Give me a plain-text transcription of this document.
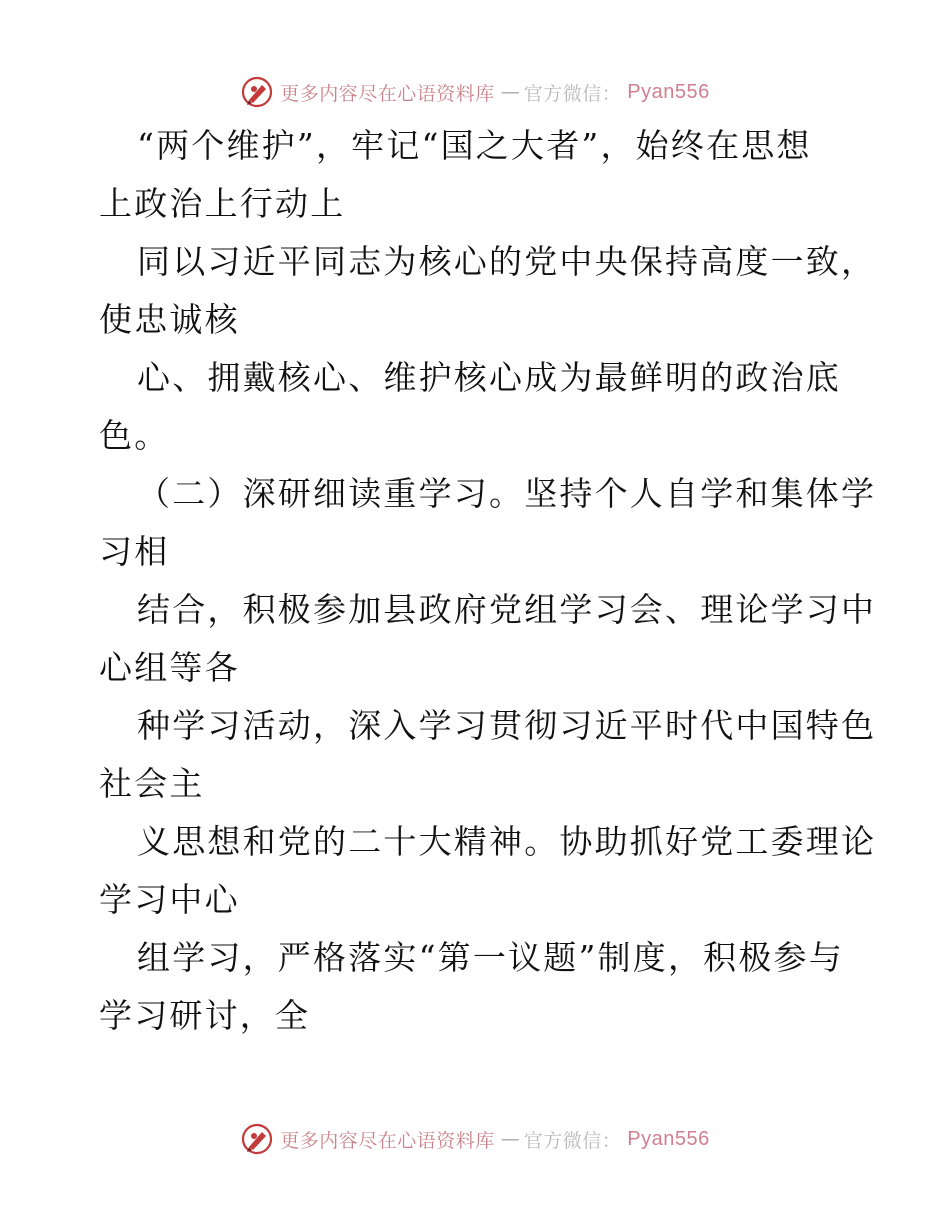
更多内容尽在心语资料库 — 官方微信： Pyan556
“两个维护”，牢记“国之大者”，始终在思想
上政治上行动上
同以习近平同志为核心的党中央保持高度一致，
使忠诚核
心、拥戴核心、维护核心成为最鲜明的政治底
色。
（二）深研细读重学习。坚持个人自学和集体学
习相
结合，积极参加县政府党组学习会、理论学习中
心组等各
种学习活动，深入学习贯彻习近平时代中国特色
社会主
义思想和党的二十大精神。协助抓好党工委理论
学习中心
组学习，严格落实“第一议题”制度，积极参与
学习研讨，全
更多内容尽在心语资料库 — 官方微信： Pyan556
